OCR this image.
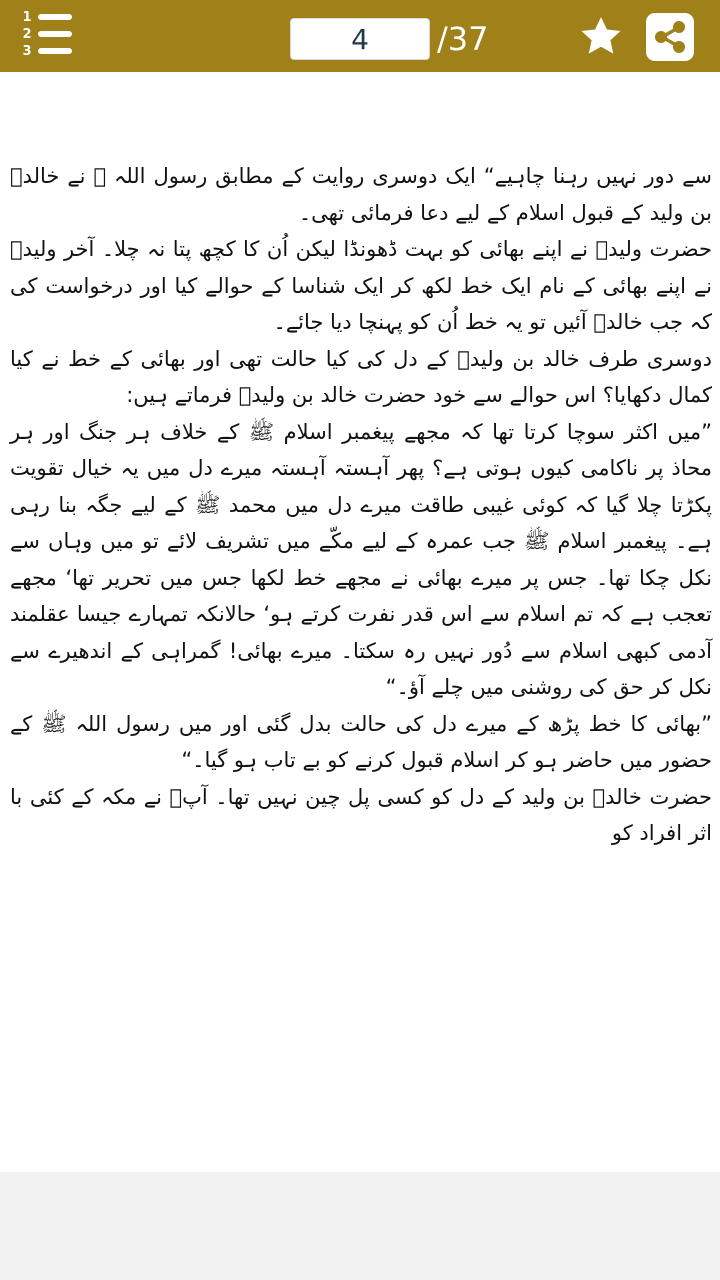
1
2
3
4	/37

سے دور نہیں رہنا چاہیے“ ایک دوسری روایت کے مطابق رسول اللہ ﷺ نے خالدؓ بن ولید کے قبول اسلام کے لیے دعا فرمائی تھی۔

حضرت ولیدؓ نے اپنے بھائی کو بہت ڈھونڈا لیکن اُن کا کچھ پتا نہ چلا۔ آخر ولیدؓ نے اپنے بھائی کے نام ایک خط لکھ کر ایک شناسا کے حوالے کیا اور درخواست کی کہ جب خالدؓ آئیں تو یہ خط اُن کو پہنچا دیا جائے۔

دوسری طرف خالد بن ولیدؓ کے دل کی کیا حالت تھی اور بھائی کے خط نے کیا کمال دکھایا؟ اس حوالے سے خود حضرت خالد بن ولیدؓ فرماتے ہیں:

”میں اکثر سوچا کرتا تھا کہ مجھے پیغمبر اسلام ﷺ کے خلاف ہر جنگ اور ہر محاذ پر ناکامی کیوں ہوتی ہے؟ پھر آہستہ آہستہ میرے دل میں یہ خیال تقویت پکڑتا چلا گیا کہ کوئی غیبی طاقت میرے دل میں محمد ﷺ کے لیے جگہ بنا رہی ہے۔ پیغمبر اسلام ﷺ جب عمرہ کے لیے مکّے میں تشریف لائے تو میں وہاں سے نکل چکا تھا۔ جس پر میرے بھائی نے مجھے خط لکھا جس میں تحریر تھا‘ مجھے تعجب ہے کہ تم اسلام سے اس قدر نفرت کرتے ہو‘ حالانکہ تمہارے جیسا عقلمند آدمی کبھی اسلام سے دُور نہیں رہ سکتا۔ میرے بھائی! گمراہی کے اندھیرے سے نکل کر حق کی روشنی میں چلے آؤ۔“

”بھائی کا خط پڑھ کے میرے دل کی حالت بدل گئی اور میں رسول اللہ ﷺ کے حضور میں حاضر ہو کر اسلام قبول کرنے کو بے تاب ہو گیا۔“

حضرت خالدؓ بن ولید کے دل کو کسی پل چین نہیں تھا۔ آپؓ نے مکہ کے کئی با اثر افراد کو
